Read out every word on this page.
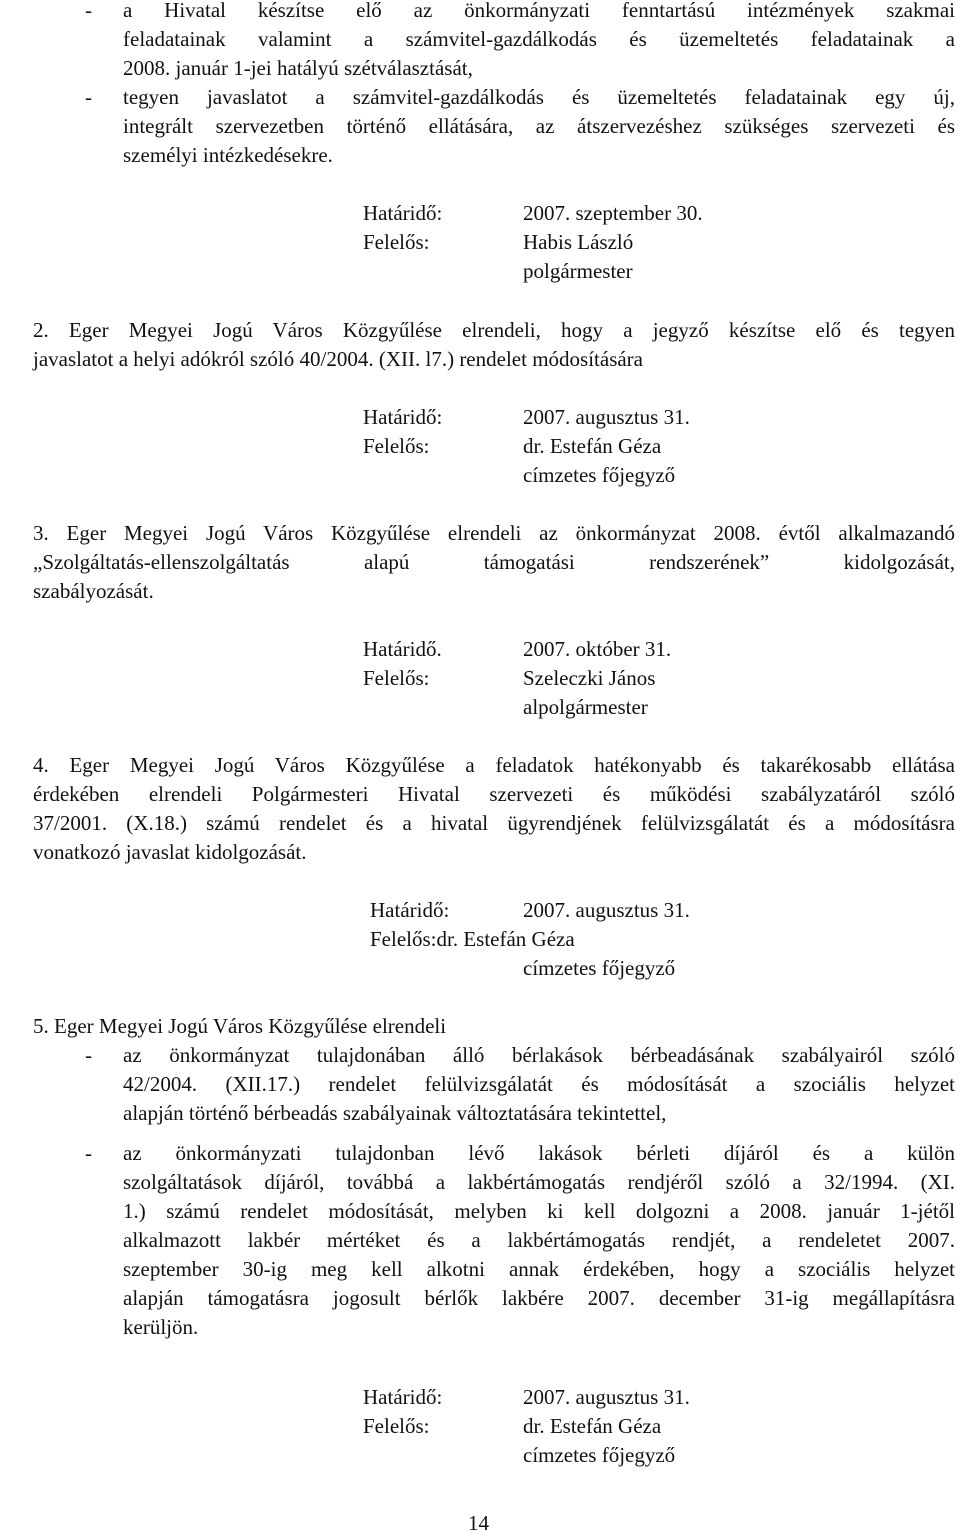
- a Hivatal készítse elő az önkormányzati fenntartású intézmények szakmai
feladatainak valamint a számvitel-gazdálkodás és üzemeltetés feladatainak a
2008. január 1-jei hatályú szétválasztását,
- tegyen javaslatot a számvitel-gazdálkodás és üzemeltetés feladatainak egy új,
integrált szervezetben történő ellátására, az átszervezéshez szükséges szervezeti és
személyi intézkedésekre.
Határidő:	2007. szeptember 30.
Felelős:	Habis László
polgármester
2. Eger Megyei Jogú Város Közgyűlése elrendeli, hogy a jegyző készítse elő és tegyen
javaslatot a helyi adókról szóló 40/2004. (XII. l7.) rendelet módosítására
Határidő:	2007. augusztus 31.
Felelős:	dr. Estefán Géza
címzetes főjegyző
3. Eger Megyei Jogú Város Közgyűlése elrendeli az önkormányzat 2008. évtől alkalmazandó
„Szolgáltatás-ellenszolgáltatás alapú támogatási rendszerének” kidolgozását,
szabályozását.
Határidő.	2007. október 31.
Felelős:	Szeleczki János
alpolgármester
4. Eger Megyei Jogú Város Közgyűlése a feladatok hatékonyabb és takarékosabb ellátása
érdekében elrendeli Polgármesteri Hivatal szervezeti és működési szabályzatáról szóló
37/2001. (X.18.) számú rendelet és a hivatal ügyrendjének felülvizsgálatát és a módosításra
vonatkozó javaslat kidolgozását.
Határidő:	2007. augusztus 31.
Felelős:dr. Estefán Géza
címzetes főjegyző
5. Eger Megyei Jogú Város Közgyűlése elrendeli
- az önkormányzat tulajdonában álló bérlakások bérbeadásának szabályairól szóló
42/2004. (XII.17.) rendelet felülvizsgálatát és módosítását a szociális helyzet
alapján történő bérbeadás szabályainak változtatására tekintettel,
- az önkormányzati tulajdonban lévő lakások bérleti díjáról és a külön
szolgáltatások díjáról, továbbá a lakbértámogatás rendjéről szóló a 32/1994. (XI.
1.) számú rendelet módosítását, melyben ki kell dolgozni a 2008. január 1-jétől
alkalmazott lakbér mértéket és a lakbértámogatás rendjét, a rendeletet 2007.
szeptember 30-ig meg kell alkotni annak érdekében, hogy a szociális helyzet
alapján támogatásra jogosult bérlők lakbére 2007. december 31-ig megállapításra
kerüljön.
Határidő:	2007. augusztus 31.
Felelős:	dr. Estefán Géza
címzetes főjegyző
14
